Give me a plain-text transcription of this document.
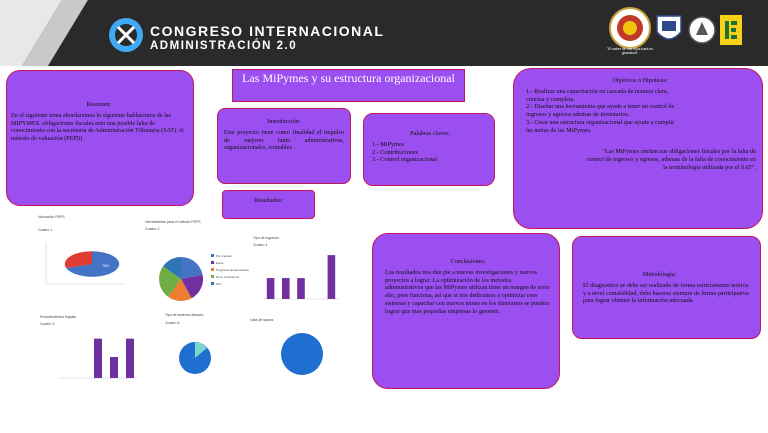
CONGRESO INTERNACIONAL
ADMINISTRACIÓN 2.0	"El saber de mis hijos hará mi grandeza"
Las MiPymes y su estructura organizacional
Resumen:
En el siguiente tema abordaremos lo siguiente hablaremos de las MIPYMES. obligaciones fiscales esto una posible falta de conocimiento con la secretaria de Administración Tributaria (SAT). el método de valuación (PEPS) .
Introducción:
Este proyecto tiene como finalidad el impulso de mejores tanto administrativas, organizacionales, contables .
Palabras claves:
1.- MiPymes
2.- Contribuciones
3.- Control organizacional
Resultados:
Objetivos o Hipotesis:
1.- Realizar una capacitación en cascada de manera clara, concisa y completa.
2.- Diseñar una herramienta que ayude a tener un control de ingresos y egresos ademas de inventarios.
3.- Crear una estructura organizacional que ayude a cumplir las metas de las MiPymes.
"Las MiPymes omiten sus obligaciones fiscales por la falta de control de ingresos y egresos, ademas de la falta de conocimiento en la terminología utilizada por el SAT".
Conclusiones:
Los resultados nos dan pie a nuevas investigaciones y nuevos proyectos a lograr. La optimización de los metodos administrativos que las MiPymes utilizan tiene un margen de error alto, pero funciona, así que si nos dedicamos a optimizar esos sistemas y capacitar con nuevos temas en los itinerarios se pueden lograr que mas pequeñas empresas lo generen.
Metodología:
El diagnostico se debe ser realizado de forma estrictamente teórica y a nivel contabilidad, debe hacerse siempre de forma participativa para lograr obtener la información adecuada.
Valoración PEPS
Cuadro 1
70%
Herramientas para el método PEPS
Cuadro 2
Por manual
Excel
Programa de facturación
No lo conocemos
Otro
Tipo de sistema utilizado
Tipo de ingresos
Cuadro 4
Procedimientos legales
Cuadro 3	Cuadro 5
Lista de lapsos
